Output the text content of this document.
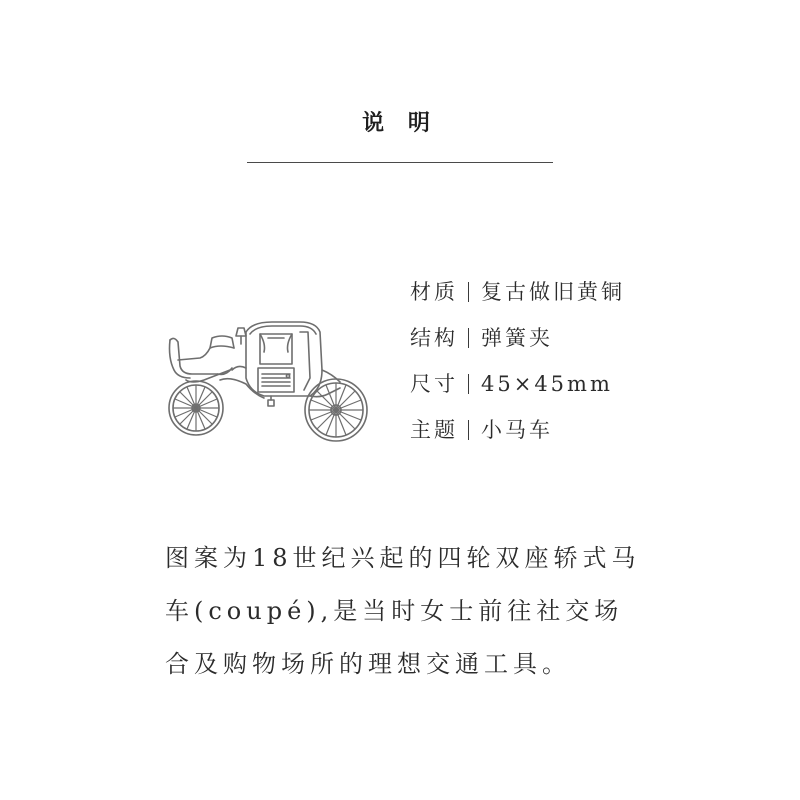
说 明
材质 复古做旧黄铜
结构 弹簧夹
尺寸 45×45mm
主题 小马车
图案为18世纪兴起的四轮双座轿式马
车(coupé),是当时女士前往社交场
合及购物场所的理想交通工具。
